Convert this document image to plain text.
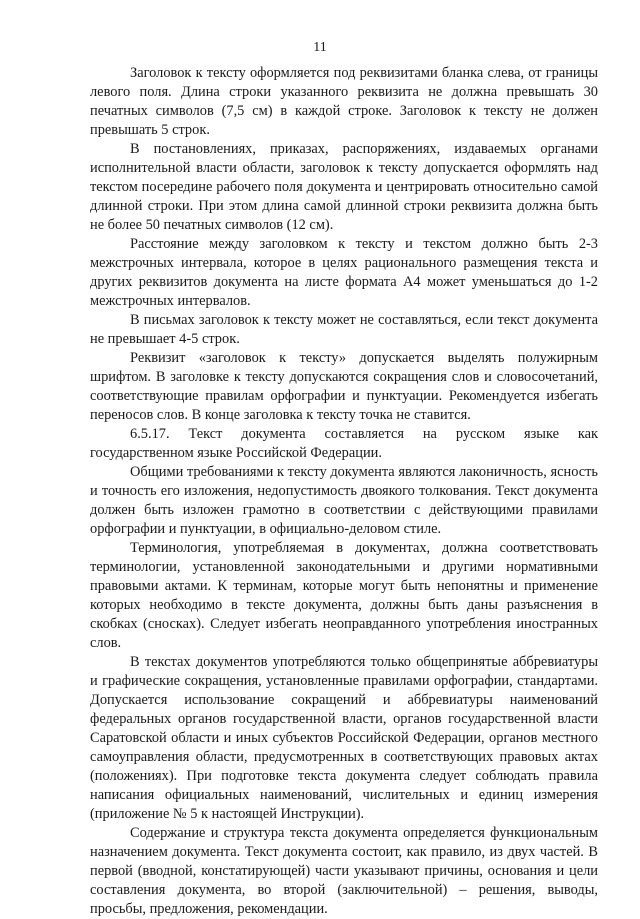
11

Заголовок к тексту оформляется под реквизитами бланка слева, от границы левого поля. Длина строки указанного реквизита не должна превышать 30 печатных символов (7,5 см) в каждой строке. Заголовок к тексту не должен превышать 5 строк.

В постановлениях, приказах, распоряжениях, издаваемых органами исполнительной власти области, заголовок к тексту допускается оформлять над текстом посередине рабочего поля документа и центрировать относительно самой длинной строки. При этом длина самой длинной строки реквизита должна быть не более 50 печатных символов (12 см).

Расстояние между заголовком к тексту и текстом должно быть 2-3 межстрочных интервала, которое в целях рационального размещения текста и других реквизитов документа на листе формата А4 может уменьшаться до 1-2 межстрочных интервалов.

В письмах заголовок к тексту может не составляться, если текст документа не превышает 4-5 строк.

Реквизит «заголовок к тексту» допускается выделять полужирным шрифтом. В заголовке к тексту допускаются сокращения слов и словосочетаний, соответствующие правилам орфографии и пунктуации. Рекомендуется избегать переносов слов. В конце заголовка к тексту точка не ставится.

6.5.17. Текст документа составляется на русском языке как государственном языке Российской Федерации.

Общими требованиями к тексту документа являются лаконичность, ясность и точность его изложения, недопустимость двоякого толкования. Текст документа должен быть изложен грамотно в соответствии с действующими правилами орфографии и пунктуации, в официально-деловом стиле.

Терминология, употребляемая в документах, должна соответствовать терминологии, установленной законодательными и другими нормативными правовыми актами. К терминам, которые могут быть непонятны и применение которых необходимо в тексте документа, должны быть даны разъяснения в скобках (сносках). Следует избегать неоправданного употребления иностранных слов.

В текстах документов употребляются только общепринятые аббревиатуры и графические сокращения, установленные правилами орфографии, стандартами. Допускается использование сокращений и аббревиатуры наименований федеральных органов государственной власти, органов государственной власти Саратовской области и иных субъектов Российской Федерации, органов местного самоуправления области, предусмотренных в соответствующих правовых актах (положениях). При подготовке текста документа следует соблюдать правила написания официальных наименований, числительных и единиц измерения (приложение № 5 к настоящей Инструкции).

Содержание и структура текста документа определяется функциональным назначением документа. Текст документа состоит, как правило, из двух частей. В первой (вводной, констатирующей) части указывают причины, основания и цели составления документа, во второй (заключительной) – решения, выводы, просьбы, предложения, рекомендации.
